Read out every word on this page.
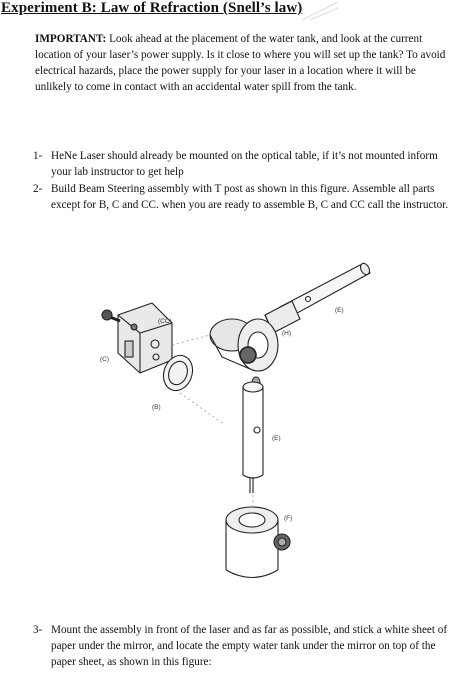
Experiment B: Law of Refraction (Snell’s law)
IMPORTANT: Look ahead at the placement of the water tank, and look at the current location of your laser’s power supply. Is it close to where you will set up the tank? To avoid electrical hazards, place the power supply for your laser in a location where it will be unlikely to come in contact with an accidental water spill from the tank.
1- HeNe Laser should already be mounted on the optical table, if it’s not mounted inform your lab instructor to get help
2- Build Beam Steering assembly with T post as shown in this figure. Assemble all parts except for B, C and CC. when you are ready to assemble B, C and CC call the instructor.
(CC)
(C)
(B)
(H)
(E)
(E)
(F)
3- Mount the assembly in front of the laser and as far as possible, and stick a white sheet of paper under the mirror, and locate the empty water tank under the mirror on top of the paper sheet, as shown in this figure:
